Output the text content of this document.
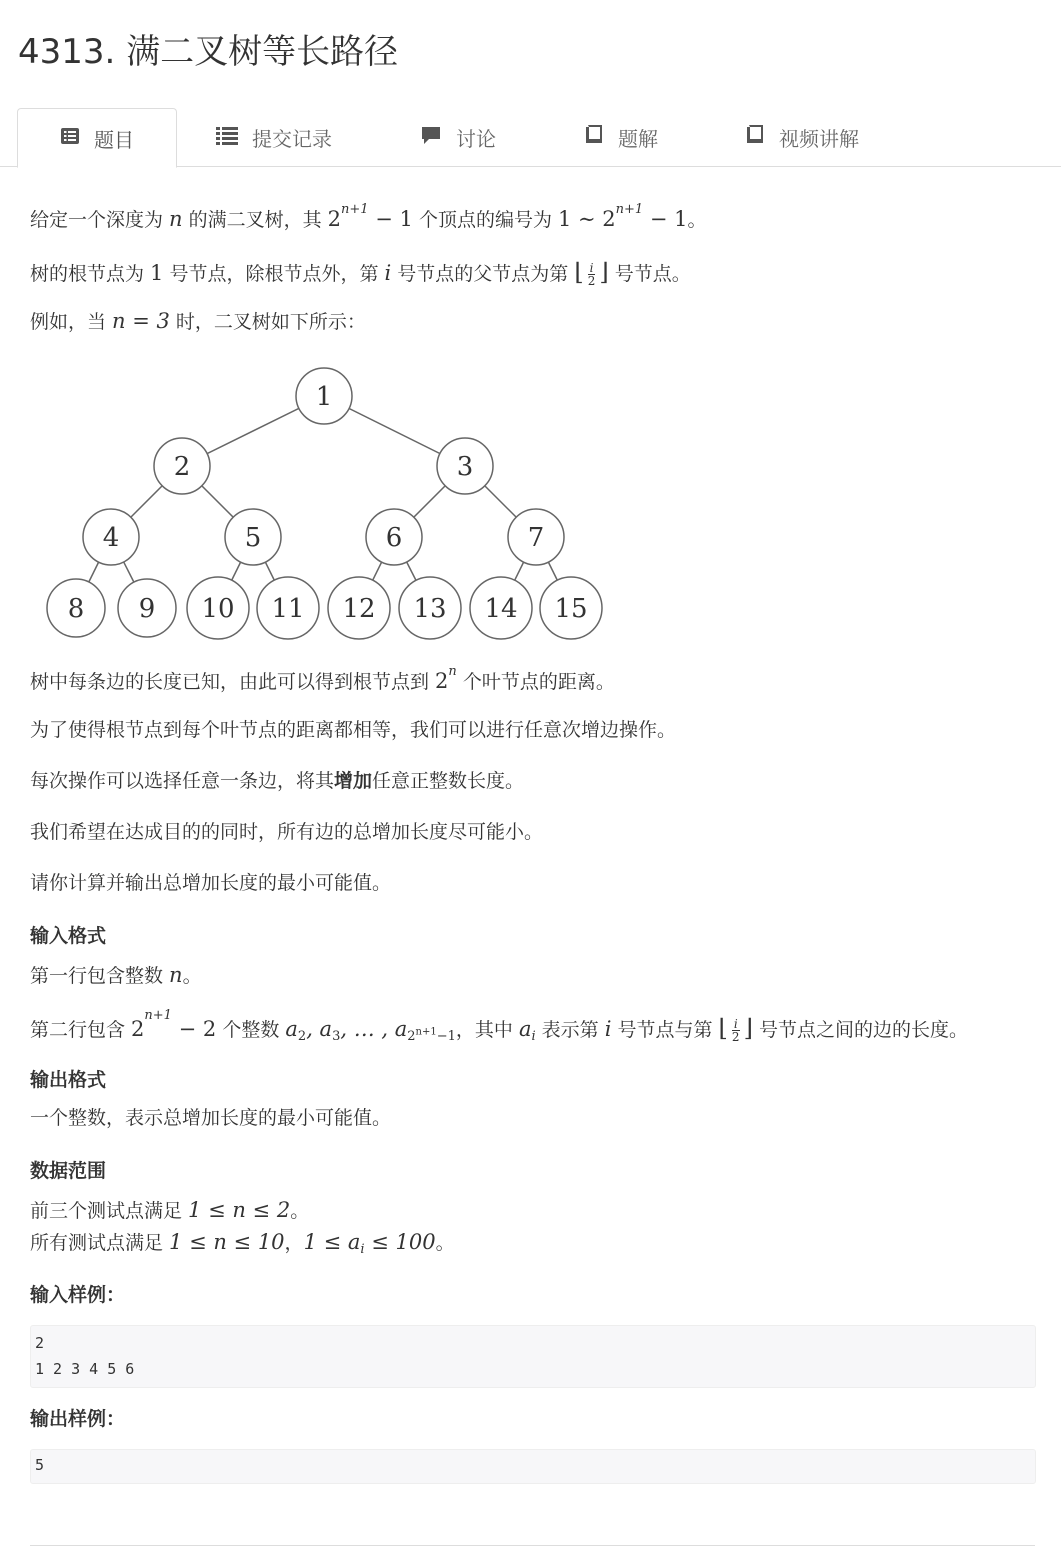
4313. 满二叉树等长路径
题目	提交记录	讨论	题解	视频讲解
给定一个深度为 n 的满二叉树，其 $2^{n+1} - 1$ 个顶点的编号为 1 ∼ $2^{n+1} - 1$。
树的根节点为 1 号节点，除根节点外，第 i 号节点的父节点为第 ⌊ $\frac{i}{2}$ ⌋ 号节点。
例如，当 n = 3 时，二叉树如下所示：
1
2	3
4	5	6	7
8 9 10 11 12 13 14 15
树中每条边的长度已知，由此可以得到根节点到 2$^n$ 个叶节点的距离。
为了使得根节点到每个叶节点的距离都相等，我们可以进行任意次增边操作。
每次操作可以选择任意一条边，将其增加任意正整数长度。
我们希望在达成目的的同时，所有边的总增加长度尽可能小。
请你计算并输出总增加长度的最小可能值。
输入格式
第一行包含整数 n。
第二行包含 $2^{n+1} - 2$ 个整数 $a_2$, $a_3$, … , $a_{2^{n+1}-1}$，其中 $a_i$ 表示第 i 号节点与第 ⌊ $\frac{i}{2}$ ⌋ 号节点之间的边的长度。
输出格式
一个整数，表示总增加长度的最小可能值。
数据范围
前三个测试点满足 1 ≤ n ≤ 2。
所有测试点满足 1 ≤ n ≤ 10，$1 \le a_i \le 100$。
输入样例：
2
1 2 3 4 5 6
输出样例：
5
